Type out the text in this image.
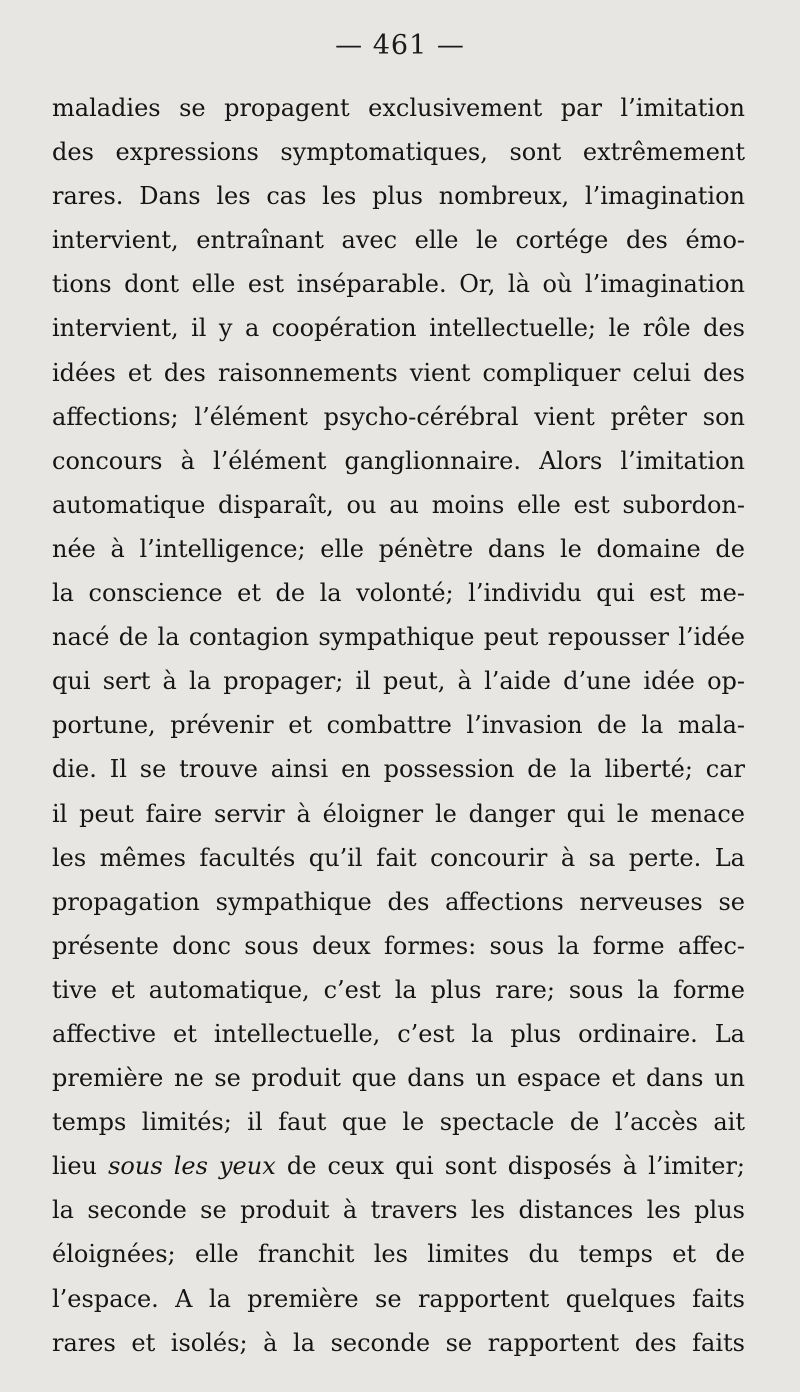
— 461 —
maladies se propagent exclusivement par l’imitation
des expressions symptomatiques, sont extrêmement
rares. Dans les cas les plus nombreux, l’imagination
intervient, entraînant avec elle le cortége des émo-
tions dont elle est inséparable. Or, là où l’imagination
intervient, il y a coopération intellectuelle; le rôle des
idées et des raisonnements vient compliquer celui des
affections; l’élément psycho-cérébral vient prêter son
concours à l’élément ganglionnaire. Alors l’imitation
automatique disparaît, ou au moins elle est subordon-
née à l’intelligence; elle pénètre dans le domaine de
la conscience et de la volonté; l’individu qui est me-
nacé de la contagion sympathique peut repousser l’idée
qui sert à la propager; il peut, à l’aide d’une idée op-
portune, prévenir et combattre l’invasion de la mala-
die. Il se trouve ainsi en possession de la liberté; car
il peut faire servir à éloigner le danger qui le menace
les mêmes facultés qu’il fait concourir à sa perte. La
propagation sympathique des affections nerveuses se
présente donc sous deux formes: sous la forme affec-
tive et automatique, c’est la plus rare; sous la forme
affective et intellectuelle, c’est la plus ordinaire. La
première ne se produit que dans un espace et dans un
temps limités; il faut que le spectacle de l’accès ait
lieu sous les yeux de ceux qui sont disposés à l’imiter;
la seconde se produit à travers les distances les plus
éloignées; elle franchit les limites du temps et de
l’espace. A la première se rapportent quelques faits
rares et isolés; à la seconde se rapportent des faits
